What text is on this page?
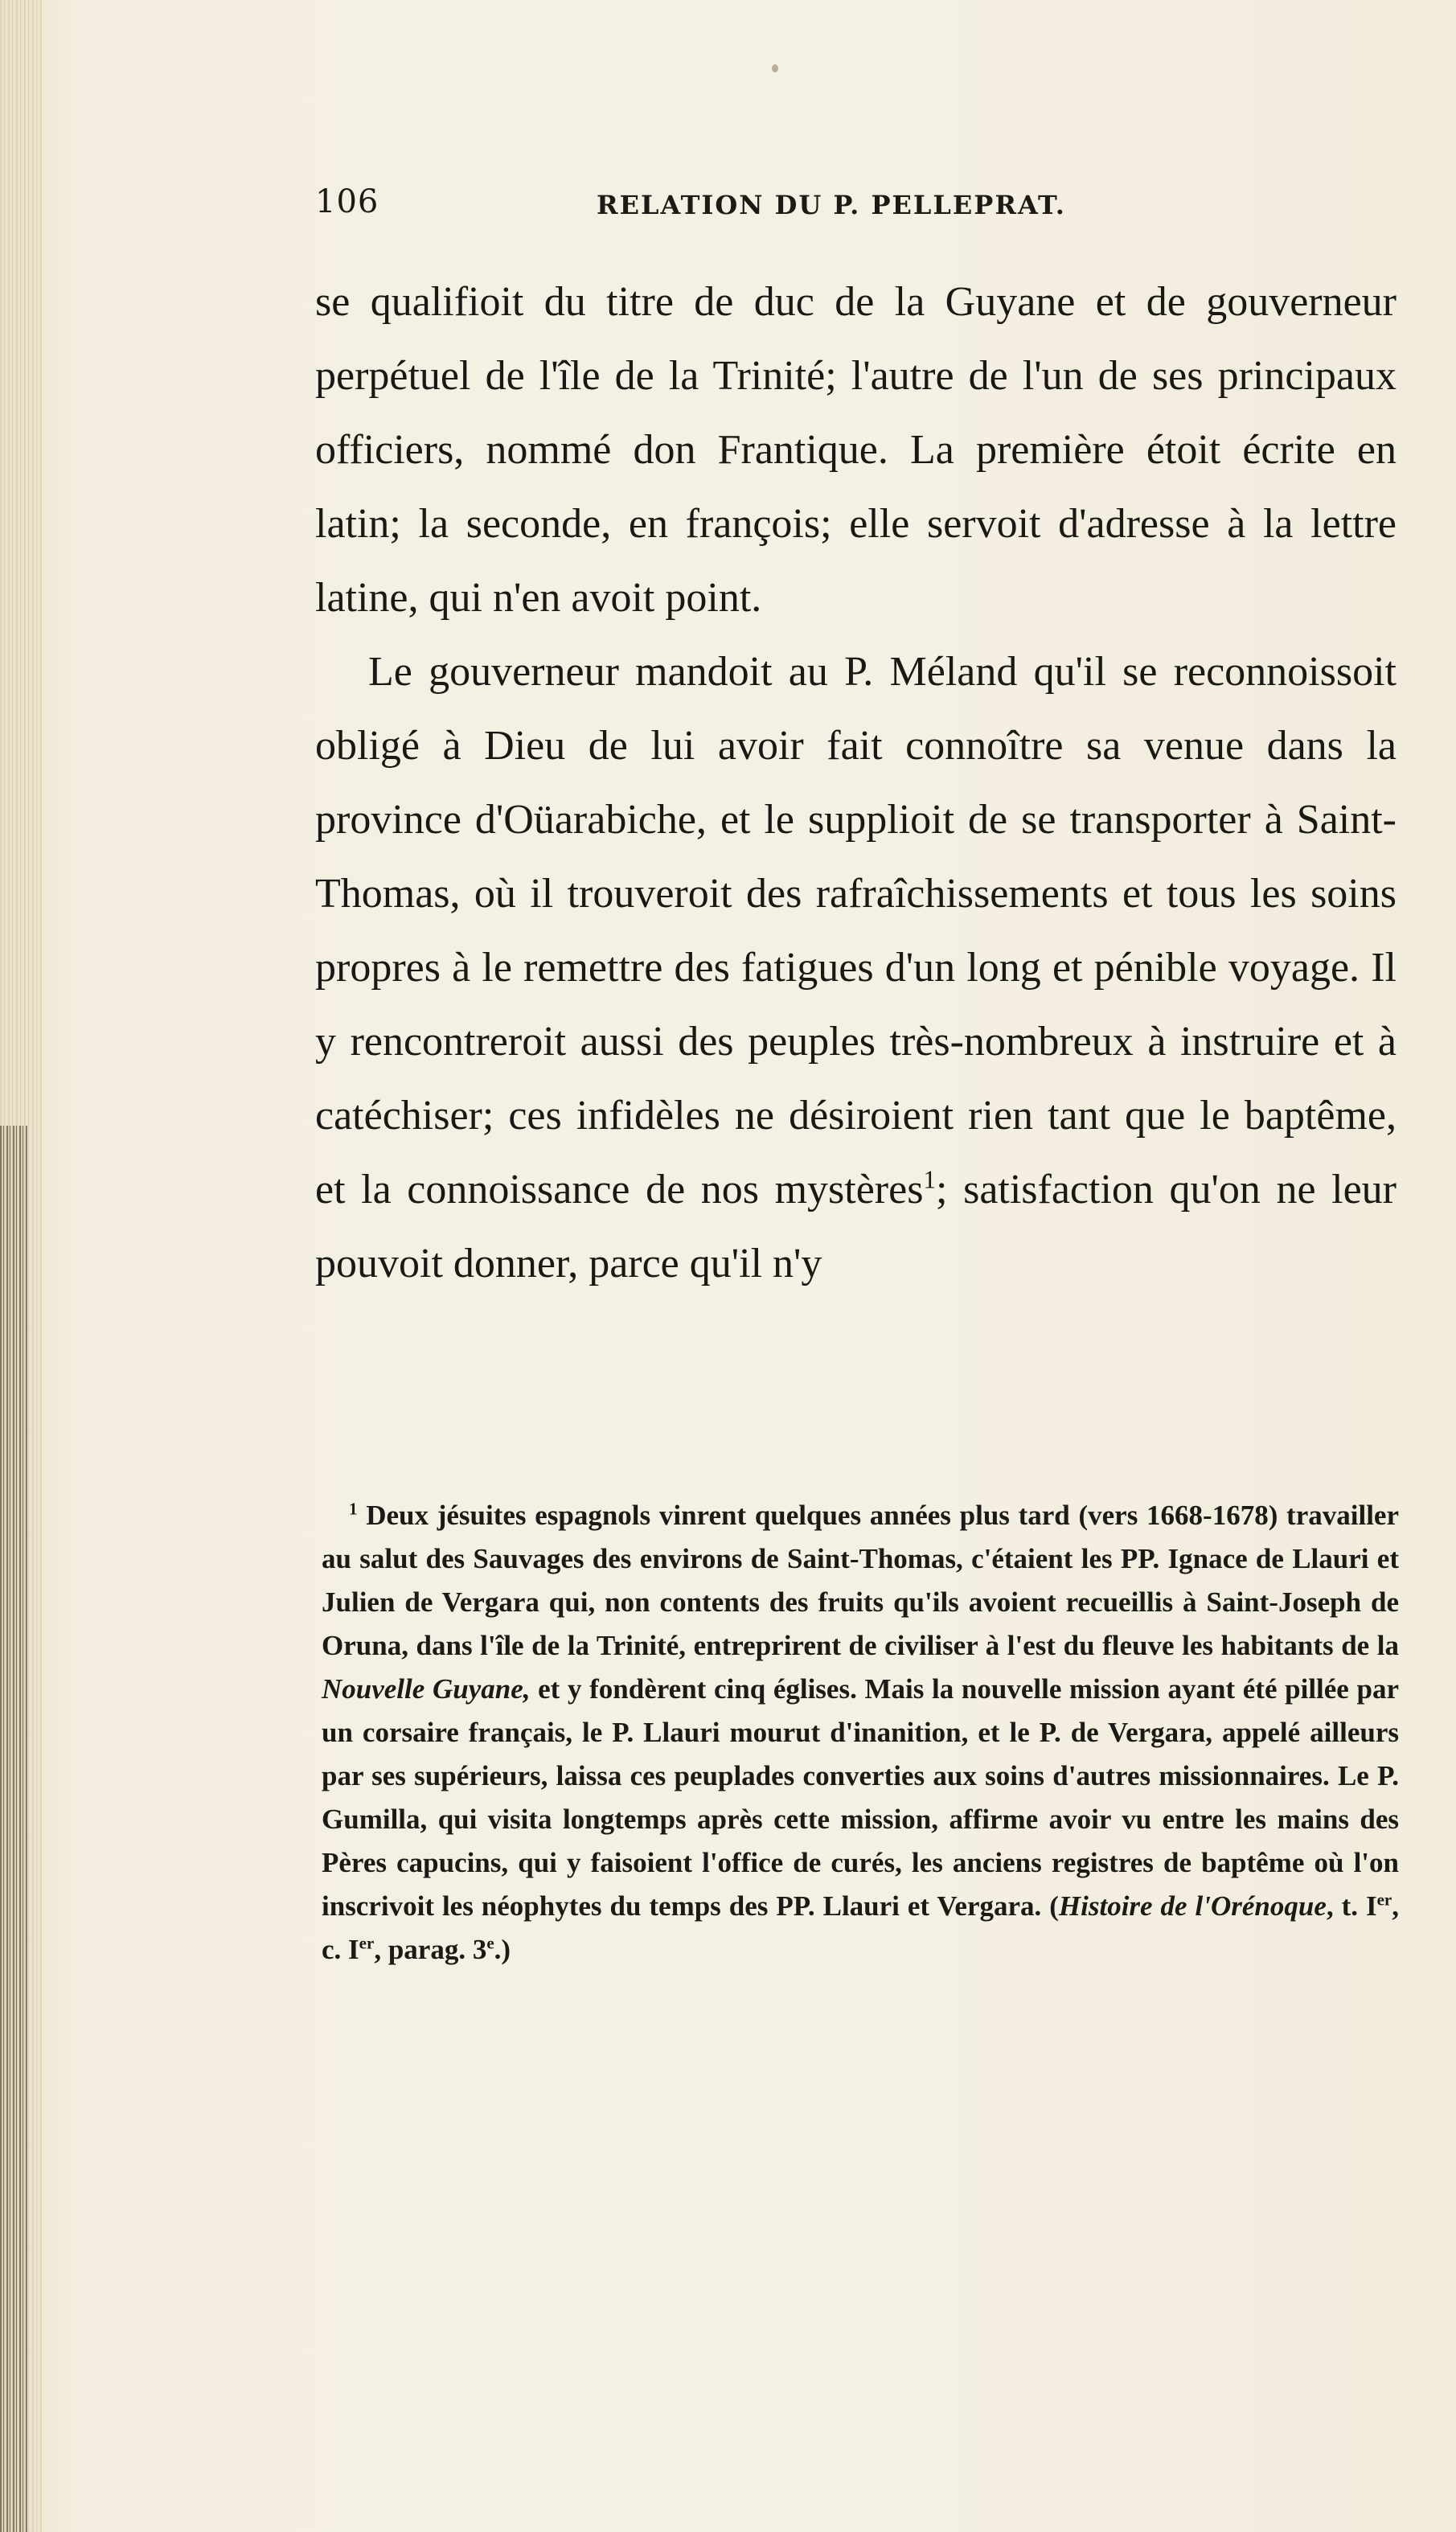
106	RELATION DU P. PELLEPRAT.

se qualifioit du titre de duc de la Guyane et de gouverneur perpétuel de l'île de la Trinité; l'autre de l'un de ses principaux officiers, nommé don Frantique. La première étoit écrite en latin; la seconde, en françois; elle servoit d'adresse à la lettre latine, qui n'en avoit point.

Le gouverneur mandoit au P. Méland qu'il se reconnoissoit obligé à Dieu de lui avoir fait connoître sa venue dans la province d'Oüarabiche, et le supplioit de se transporter à Saint-Thomas, où il trouveroit des rafraîchissements et tous les soins propres à le remettre des fatigues d'un long et pénible voyage. Il y rencontreroit aussi des peuples très-nombreux à instruire et à catéchiser; ces infidèles ne désiroient rien tant que le baptême, et la connoissance de nos mystères$^1$; satisfaction qu'on ne leur pouvoit donner, parce qu'il n'y

$^1$ Deux jésuites espagnols vinrent quelques années plus tard (vers 1668-1678) travailler au salut des Sauvages des environs de Saint-Thomas, c'étaient les PP. Ignace de Llauri et Julien de Vergara qui, non contents des fruits qu'ils avoient recueillis à Saint-Joseph de Oruna, dans l'île de la Trinité, entreprirent de civiliser à l'est du fleuve les habitants de la Nouvelle Guyane, et y fondèrent cinq églises. Mais la nouvelle mission ayant été pillée par un corsaire français, le P. Llauri mourut d'inanition, et le P. de Vergara, appelé ailleurs par ses supérieurs, laissa ces peuplades converties aux soins d'autres missionnaires. Le P. Gumilla, qui visita longtemps après cette mission, affirme avoir vu entre les mains des Pères capucins, qui y faisoient l'office de curés, les anciens registres de baptême où l'on inscrivoit les néophytes du temps des PP. Llauri et Vergara. (Histoire de l'Orénoque, t. Ier, c. Ier, parag. 3e.)
